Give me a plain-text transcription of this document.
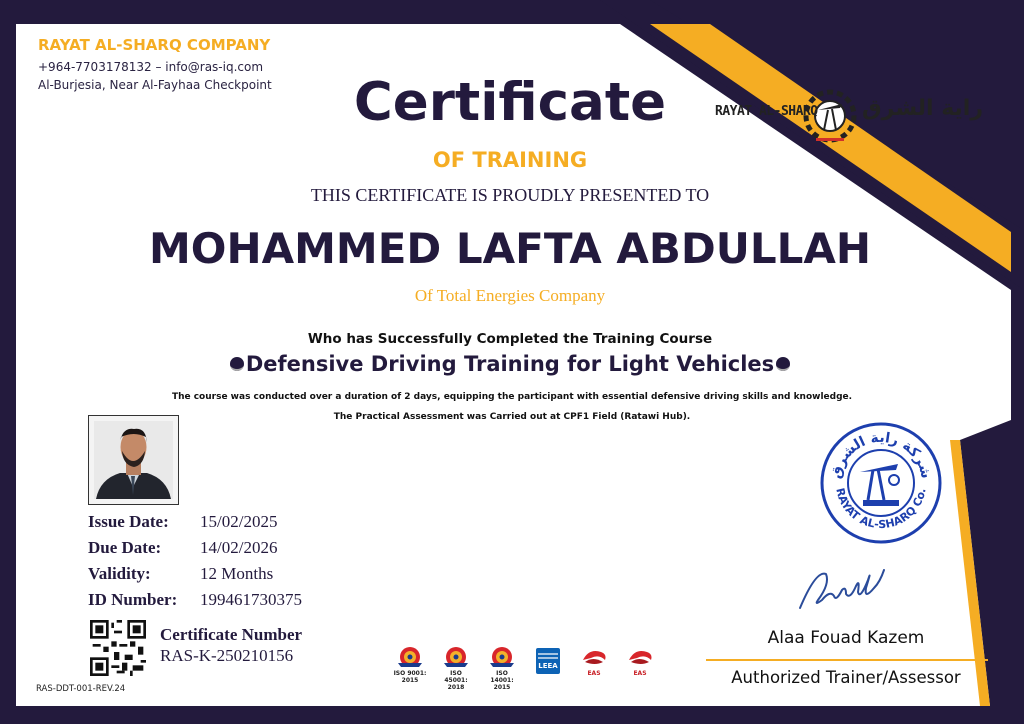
RAYAT AL-SHARQ COMPANY
+964-7703178132 – info@ras-iq.com
Al-Burjesia, Near Al-Fayhaa Checkpoint
RAYAT AL-SHARQ راية الشرق
Certificate
OF TRAINING
THIS CERTIFICATE IS PROUDLY PRESENTED TO
MOHAMMED LAFTA ABDULLAH
Of Total Energies Company
Who has Successfully Completed the Training Course
Defensive Driving Training for Light Vehicles
The course was conducted over a duration of 2 days, equipping the participant with essential defensive driving skills and knowledge.
The Practical Assessment was Carried out at CPF1 Field (Ratawi Hub).
Issue Date: 15/02/2025
Due Date: 14/02/2026
Validity:	12 Months
ID Number: 199461730375
Certificate Number
RAS-K-250210156
RAS-DDT-001-REV.24
ISO 9001:
2015
ISO 45001:
2018
ISO 14001:
2015
LEEA
EAS	EAS
شركة راية الشرق
RAYAT AL-SHARQ Co.
Alaa Fouad Kazem
Authorized Trainer/Assessor
